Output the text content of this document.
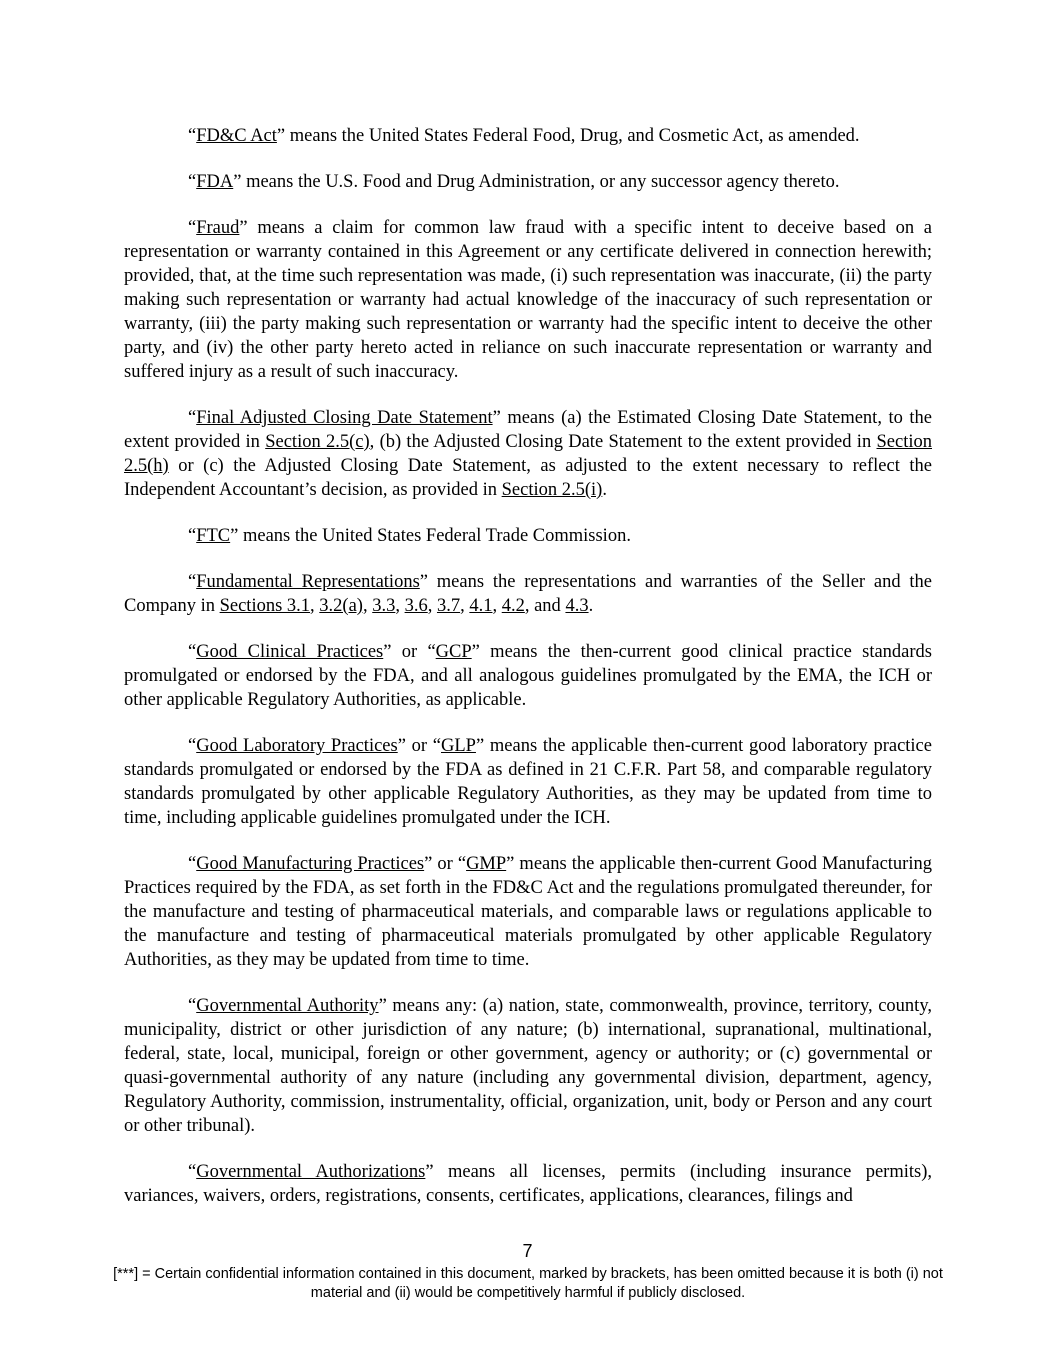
“FD&C Act” means the United States Federal Food, Drug, and Cosmetic Act, as amended.

“FDA” means the U.S. Food and Drug Administration, or any successor agency thereto.

“Fraud” means a claim for common law fraud with a specific intent to deceive based on a representation or warranty contained in this Agreement or any certificate delivered in connection herewith; provided, that, at the time such representation was made, (i) such representation was inaccurate, (ii) the party making such representation or warranty had actual knowledge of the inaccuracy of such representation or warranty, (iii) the party making such representation or warranty had the specific intent to deceive the other party, and (iv) the other party hereto acted in reliance on such inaccurate representation or warranty and suffered injury as a result of such inaccuracy.

“Final Adjusted Closing Date Statement” means (a) the Estimated Closing Date Statement, to the extent provided in Section 2.5(c), (b) the Adjusted Closing Date Statement to the extent provided in Section 2.5(h) or (c) the Adjusted Closing Date Statement, as adjusted to the extent necessary to reflect the Independent Accountant’s decision, as provided in Section 2.5(i).

“FTC” means the United States Federal Trade Commission.

“Fundamental Representations” means the representations and warranties of the Seller and the Company in Sections 3.1, 3.2(a), 3.3, 3.6, 3.7, 4.1, 4.2, and 4.3.

“Good Clinical Practices” or “GCP” means the then-current good clinical practice standards promulgated or endorsed by the FDA, and all analogous guidelines promulgated by the EMA, the ICH or other applicable Regulatory Authorities, as applicable.

“Good Laboratory Practices” or “GLP” means the applicable then-current good laboratory practice standards promulgated or endorsed by the FDA as defined in 21 C.F.R. Part 58, and comparable regulatory standards promulgated by other applicable Regulatory Authorities, as they may be updated from time to time, including applicable guidelines promulgated under the ICH.

“Good Manufacturing Practices” or “GMP” means the applicable then-current Good Manufacturing Practices required by the FDA, as set forth in the FD&C Act and the regulations promulgated thereunder, for the manufacture and testing of pharmaceutical materials, and comparable laws or regulations applicable to the manufacture and testing of pharmaceutical materials promulgated by other applicable Regulatory Authorities, as they may be updated from time to time.

“Governmental Authority” means any: (a) nation, state, commonwealth, province, territory, county, municipality, district or other jurisdiction of any nature; (b) international, supranational, multinational, federal, state, local, municipal, foreign or other government, agency or authority; or (c) governmental or quasi-governmental authority of any nature (including any governmental division, department, agency, Regulatory Authority, commission, instrumentality, official, organization, unit, body or Person and any court or other tribunal).

“Governmental Authorizations” means all licenses, permits (including insurance permits), variances, waivers, orders, registrations, consents, certificates, applications, clearances, filings and

7
[***] = Certain confidential information contained in this document, marked by brackets, has been omitted because it is both (i) not material and (ii) would be competitively harmful if publicly disclosed.
